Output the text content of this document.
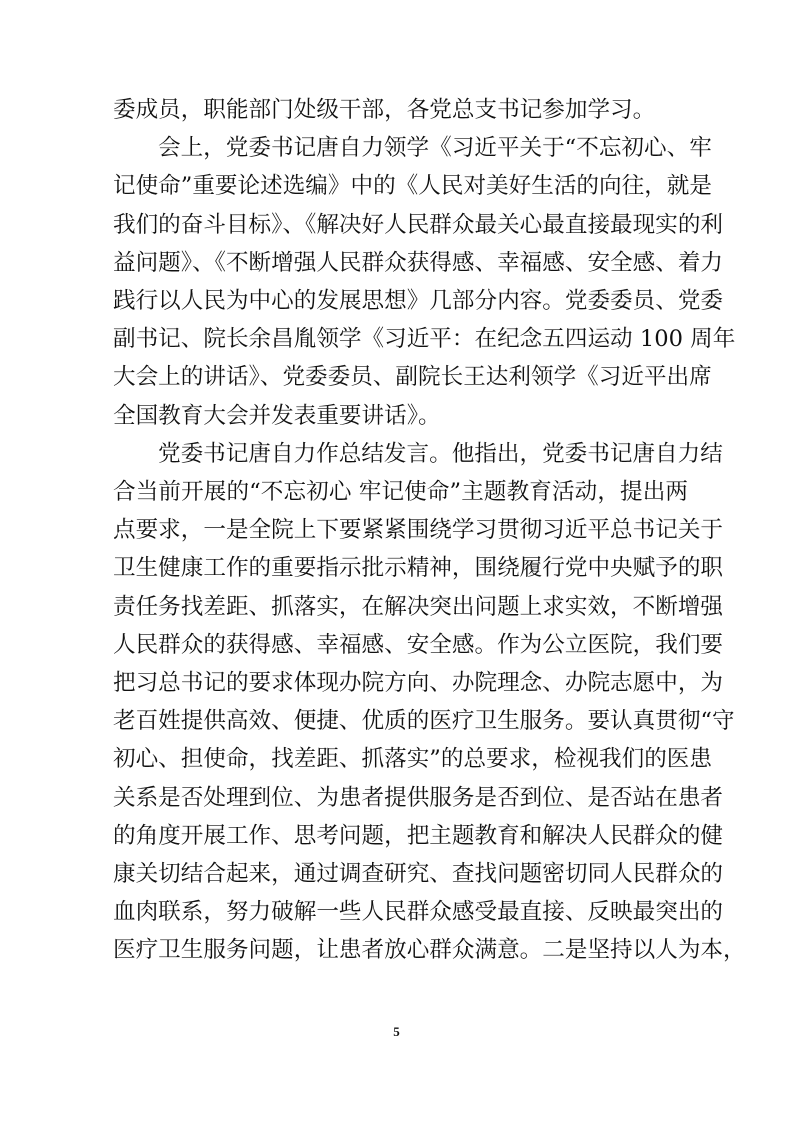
委成员，职能部门处级干部，各党总支书记参加学习。
会上，党委书记唐自力领学《习近平关于“不忘初心、牢
记使命”重要论述选编》中的《人民对美好生活的向往，就是
我们的奋斗目标》、《解决好人民群众最关心最直接最现实的利
益问题》、《不断增强人民群众获得感、幸福感、安全感、着力
践行以人民为中心的发展思想》几部分内容。党委委员、党委
副书记、院长余昌胤领学《习近平：在纪念五四运动 100 周年
大会上的讲话》、党委委员、副院长王达利领学《习近平出席
全国教育大会并发表重要讲话》。
党委书记唐自力作总结发言。他指出，党委书记唐自力结
合当前开展的“不忘初心 牢记使命”主题教育活动，提出两
点要求，一是全院上下要紧紧围绕学习贯彻习近平总书记关于
卫生健康工作的重要指示批示精神，围绕履行党中央赋予的职
责任务找差距、抓落实，在解决突出问题上求实效，不断增强
人民群众的获得感、幸福感、安全感。作为公立医院，我们要
把习总书记的要求体现办院方向、办院理念、办院志愿中，为
老百姓提供高效、便捷、优质的医疗卫生服务。要认真贯彻“守
初心、担使命，找差距、抓落实”的总要求，检视我们的医患
关系是否处理到位、为患者提供服务是否到位、是否站在患者
的角度开展工作、思考问题，把主题教育和解决人民群众的健
康关切结合起来，通过调查研究、查找问题密切同人民群众的
血肉联系，努力破解一些人民群众感受最直接、反映最突出的
医疗卫生服务问题，让患者放心群众满意。二是坚持以人为本，
5
